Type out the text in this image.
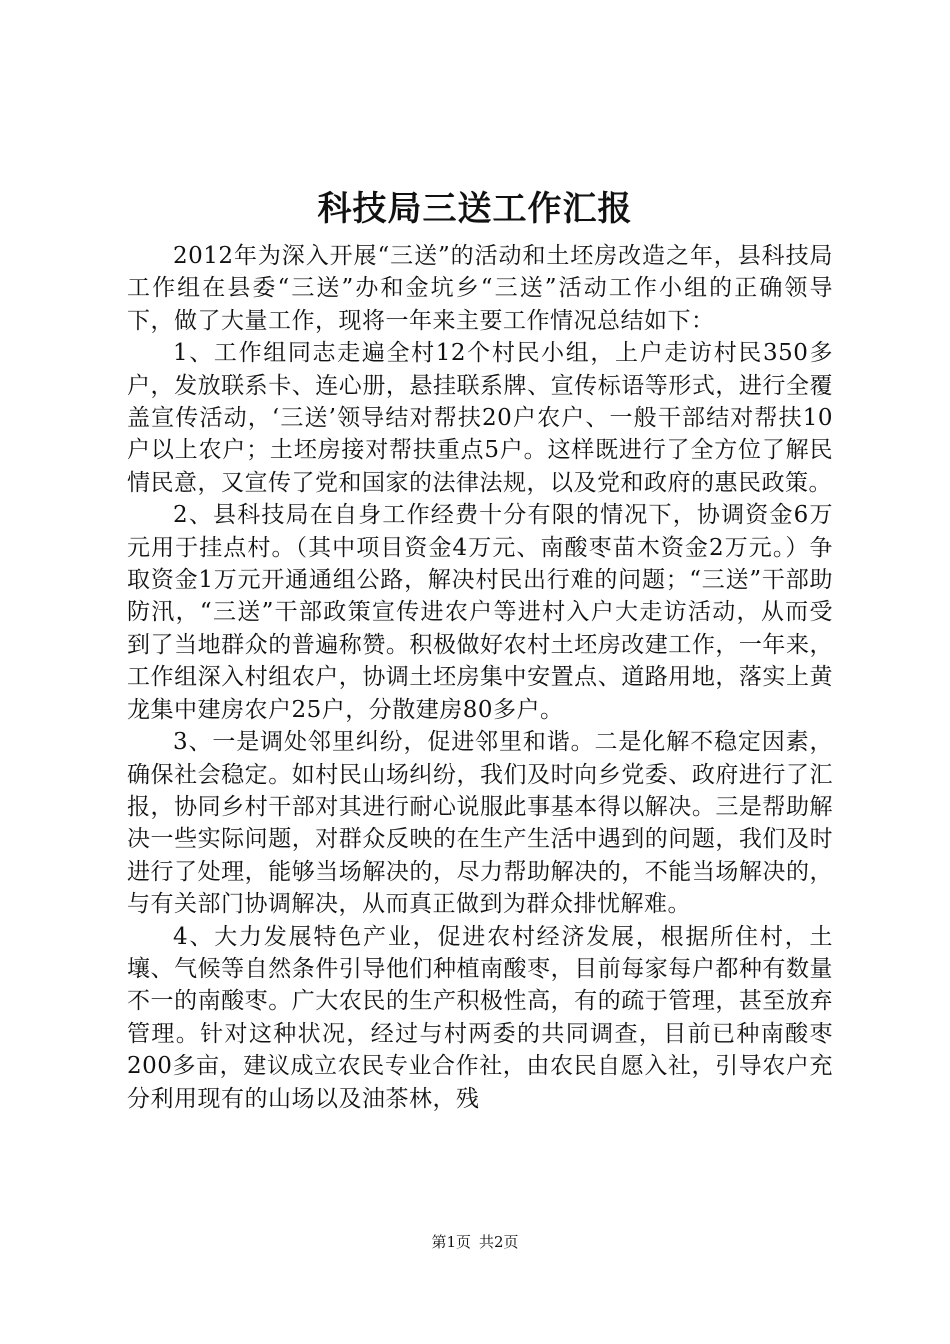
科技局三送工作汇报

2012年为深入开展“三送”的活动和土坯房改造之年，县科技局工作组在县委“三送”办和金坑乡“三送”活动工作小组的正确领导下，做了大量工作，现将一年来主要工作情况总结如下：

1、工作组同志走遍全村12个村民小组，上户走访村民350多户，发放联系卡、连心册，悬挂联系牌、宣传标语等形式，进行全覆盖宣传活动，‘三送’领导结对帮扶20户农户、一般干部结对帮扶10户以上农户；土坯房接对帮扶重点5户。这样既进行了全方位了解民情民意，又宣传了党和国家的法律法规，以及党和政府的惠民政策。

2、县科技局在自身工作经费十分有限的情况下，协调资金6万元用于挂点村。（其中项目资金4万元、南酸枣苗木资金2万元。）争取资金1万元开通通组公路，解决村民出行难的问题；“三送”干部助防汛，“三送”干部政策宣传进农户等进村入户大走访活动，从而受到了当地群众的普遍称赞。积极做好农村土坯房改建工作，一年来，工作组深入村组农户，协调土坯房集中安置点、道路用地，落实上黄龙集中建房农户25户，分散建房80多户。

3、一是调处邻里纠纷，促进邻里和谐。二是化解不稳定因素，确保社会稳定。如村民山场纠纷，我们及时向乡党委、政府进行了汇报，协同乡村干部对其进行耐心说服此事基本得以解决。三是帮助解决一些实际问题，对群众反映的在生产生活中遇到的问题，我们及时进行了处理，能够当场解决的，尽力帮助解决的，不能当场解决的，与有关部门协调解决，从而真正做到为群众排忧解难。

4、大力发展特色产业，促进农村经济发展，根据所住村，土壤、气候等自然条件引导他们种植南酸枣，目前每家每户都种有数量不一的南酸枣。广大农民的生产积极性高，有的疏于管理，甚至放弃管理。针对这种状况，经过与村两委的共同调查，目前已种南酸枣200多亩，建议成立农民专业合作社，由农民自愿入社，引导农户充分利用现有的山场以及油茶林，残

第1页 共2页
